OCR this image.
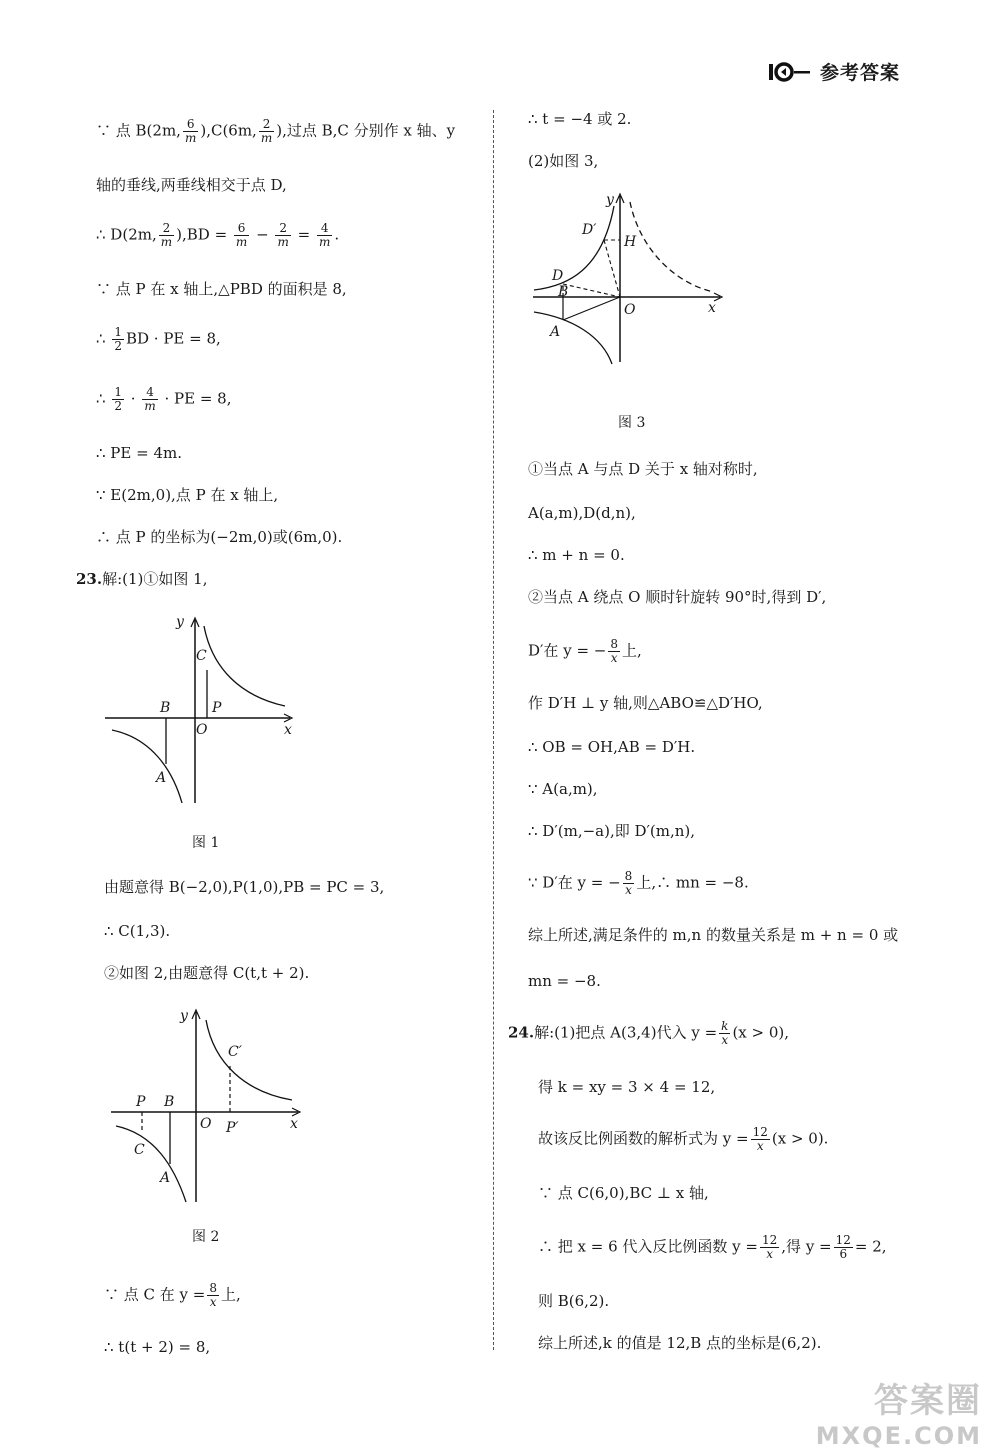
参考答案
∵ 点 B(2m, $\frac{6}{m} ),C(6m$, $\frac{2}{m}$ ),过点 B,C 分别作 x 轴、y
轴的垂线,两垂线相交于点 D,
∴ D(2m, $\frac{2}{m} ),BD = \frac{6}{m} - \frac{2}{m} = \frac{4}{m}$ .
∵ 点 P 在 x 轴上,△PBD 的面积是 8,
∴ $\frac{1}{2}$ BD · PE = 8,
∴ $\frac{1}{2} \cdot \frac{4}{m}$ · PE = 8,
∴ PE = 4m.
∵ E(2m,0),点 P 在 x 轴上,
∴ 点 P 的坐标为(−2m,0)或(6m,0).
23.解:(1)①如图 1,
y
C
B	P
O	x
A
图 1
由题意得 B(−2,0),P(1,0),PB = PC = 3,
∴ C(1,3).
②如图 2,由题意得 C(t,t + 2).
y
C′
P B
O P′	x
C
A
图 2
∵ 点 C 在 $y = \frac{8}{x}$ 上,
∴ t(t + 2) = 8,
∴ t = −4 或 2.
(2)如图 3,
y
D′
H
D
B
O	x
A
图 3
①当点 A 与点 D 关于 x 轴对称时,
A(a,m),D(d,n),
∴ m + n = 0.
②当点 A 绕点 O 顺时针旋转 90°时,得到 D′,
D′在 y = − $\frac{8}{x}$ 上,
作 D′H ⊥ y 轴,则△ABO≌△D′HO,
∴ OB = OH,AB = D′H.
∵ A(a,m),
∴ D′(m,−a),即 D′(m,n),
∵ D′在 y = − $\frac{8}{x}$ 上,∴ mn = −8.
综上所述,满足条件的 m,n 的数量关系是 m + n = 0 或
mn = −8.
24.解:(1)把点 A(3,4)代入 $y = \frac{k}{x} (x > 0)$,
得 k = xy = 3 × 4 = 12,
故该反比例函数的解析式为 $y = \frac{12}{x} (x > 0)$.
∵ 点 C(6,0),BC ⊥ x 轴,
∴ 把 x = 6 代入反比例函数 $y = \frac{12}{x}$ ,得 $y = \frac{12}{6} = 2$,
则 B(6,2).
综上所述,k 的值是 12,B 点的坐标是(6,2).
答案圈
MXQE.COM
